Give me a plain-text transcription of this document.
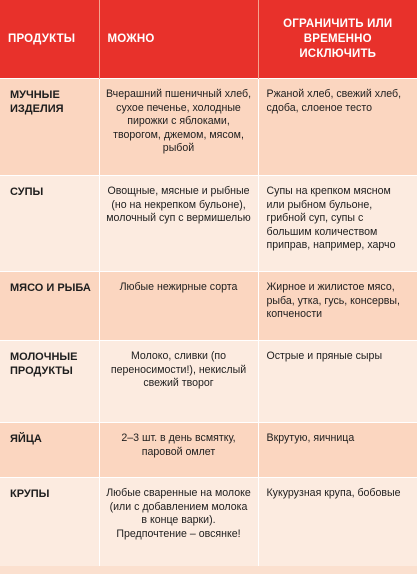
ПРОДУКТЫ	МОЖНО	ОГРАНИЧИТЬ ИЛИ ВРЕМЕННО ИСКЛЮЧИТЬ
МУЧНЫЕ ИЗДЕЛИЯ	Вчерашний пшеничный хлеб, сухое печенье, холодные пирожки с яблоками, творогом, джемом, мясом, рыбой	Ржаной хлеб, свежий хлеб, сдоба, слоеное тесто
СУПЫ	Овощные, мясные и рыбные (но на некрепком бульоне), молочный суп с вермишелью	Супы на крепком мясном или рыбном бульоне, грибной суп, супы с большим количеством приправ, например, харчо
МЯСО И РЫБА	Любые нежирные сорта	Жирное и жилистое мясо, рыба, утка, гусь, консервы, копчености
МОЛОЧНЫЕ ПРОДУКТЫ	Молоко, сливки (по переносимости!), некислый свежий творог	Острые и пряные сыры
ЯЙЦА	2–3 шт. в день всмятку, паровой омлет	Вкрутую, яичница
КРУПЫ	Любые сваренные на молоке (или с добавлением молока в конце варки). Предпочтение – овсянке!	Кукурузная крупа, бобовые
